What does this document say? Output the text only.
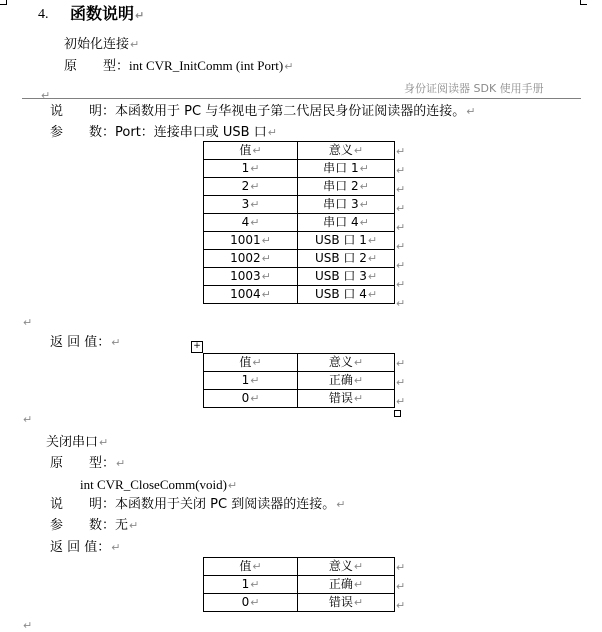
4. 函数说明↵
初始化连接↵
原　　型：int CVR_InitComm (int Port)↵
身份证阅读器 SDK 使用手册
↵
说　　明：本函数用于 PC 与华视电子第二代居民身份证阅读器的连接。↵
参　　数：Port：连接串口或 USB 口↵
值↵	意义↵
1↵	串口 1↵
2↵	串口 2↵
3↵	串口 3↵
4↵	串口 4↵
1001↵	USB 口 1↵
1002↵	USB 口 2↵
1003↵	USB 口 3↵
1004↵	USB 口 4↵
↵
↵
↵
↵
↵
↵
↵
↵
↵
↵
返 回 值：↵	+
值↵	意义↵
1↵	正确↵
0↵	错误↵
↵
↵
↵
↵
关闭串口↵
原　　型：↵
int CVR_CloseComm(void)↵
说　　明：本函数用于关闭 PC 到阅读器的连接。↵
参　　数：无↵
返 回 值：↵
值↵	意义↵
1↵	正确↵
0↵	错误↵
↵
↵
↵
↵
